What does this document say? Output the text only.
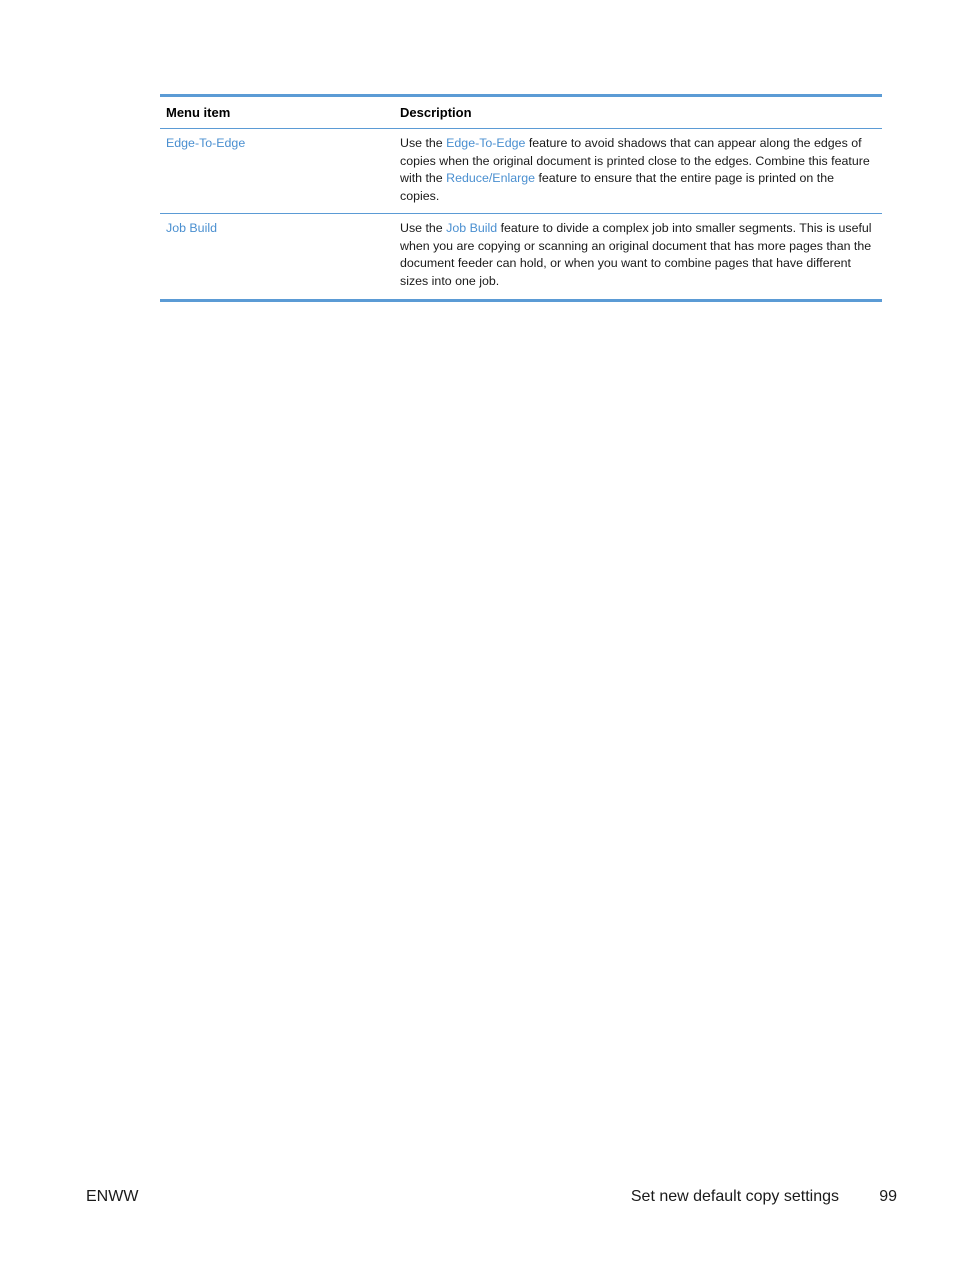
Menu item	Description
Edge-To-Edge	Use the Edge-To-Edge feature to avoid shadows that can appear along the edges of copies when the original document is printed close to the edges. Combine this feature with the Reduce/Enlarge feature to ensure that the entire page is printed on the copies.
Job Build	Use the Job Build feature to divide a complex job into smaller segments. This is useful when you are copying or scanning an original document that has more pages than the document feeder can hold, or when you want to combine pages that have different sizes into one job.
ENWW	Set new default copy settings	99
